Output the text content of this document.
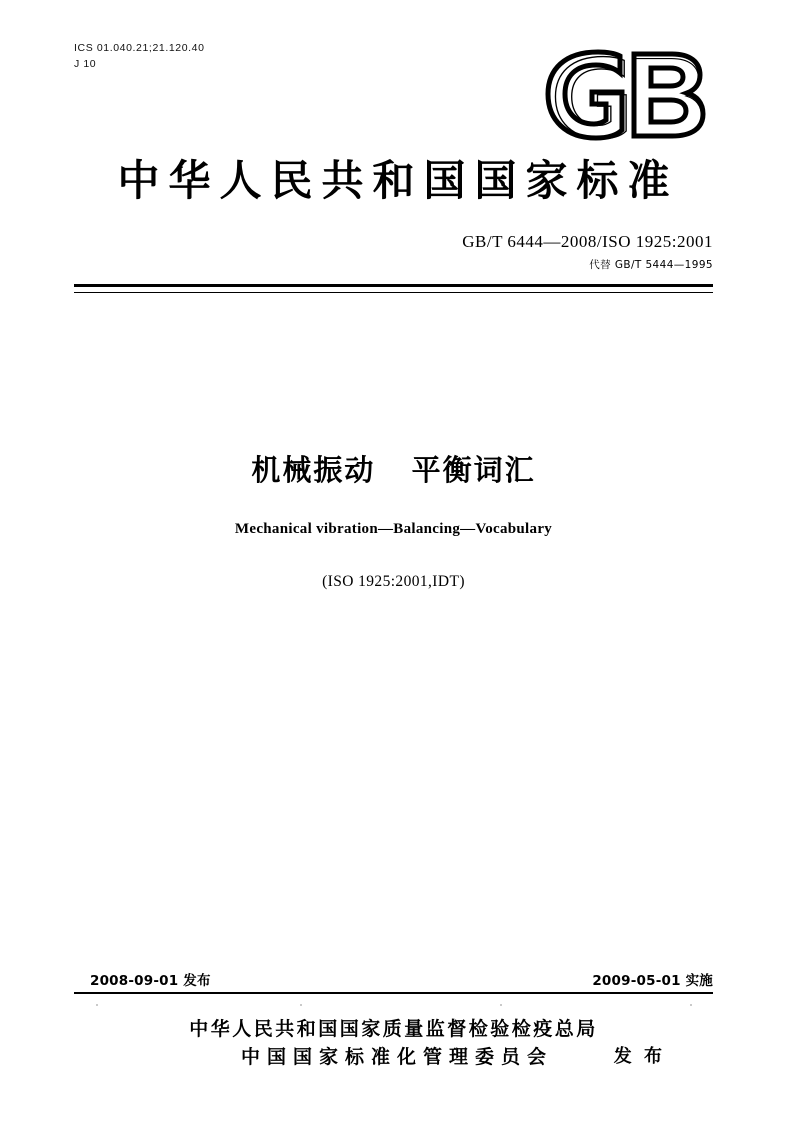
ICS 01.040.21;21.120.40
J 10
中华人民共和国国家标准
GB/T 6444—2008/ISO 1925:2001
代替 GB/T 5444—1995
机械振动   平衡词汇
Mechanical vibration—Balancing—Vocabulary
(ISO 1925:2001,IDT)
2008-09-01 发布	2009-05-01 实施
中华人民共和国国家质量监督检验检疫总局
中国国家标准化管理委员会	发 布
